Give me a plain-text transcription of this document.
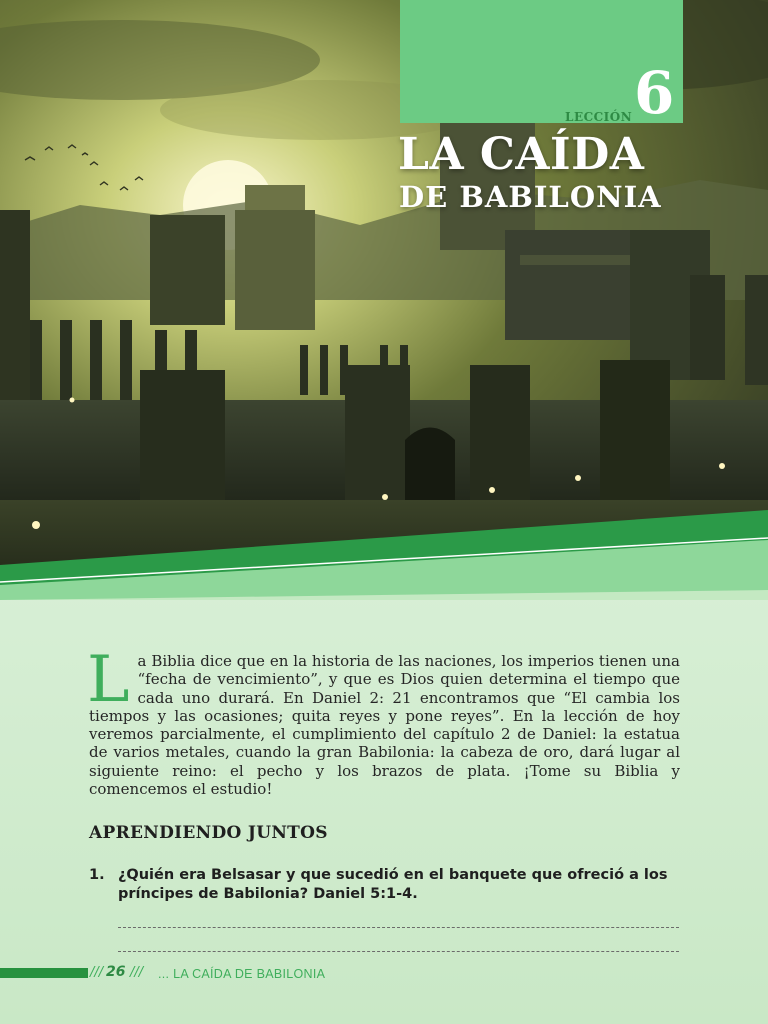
LECCIÓN 6
LA CAÍDA
DE BABILONIA
La Biblia dice que en la historia de las naciones, los imperios tienen una “fecha de vencimiento”, y que es Dios quien determina el tiempo que cada uno durará. En Daniel 2: 21 encontramos que “El cambia los tiempos y las ocasiones; quita reyes y pone reyes”. En la lección de hoy veremos parcialmente, el cumplimiento del capítulo 2 de Daniel: la estatua de varios metales, cuando la gran Babilonia: la cabeza de oro, dará lugar al siguiente reino: el pecho y los brazos de plata. ¡Tome su Biblia y comencemos el estudio!
APRENDIENDO JUNTOS
1. ¿Quién era Belsasar y que sucedió en el banquete que ofreció a los príncipes de Babilonia? Daniel 5:1-4.
/// 26 /// ... LA CAÍDA DE BABILONIA
